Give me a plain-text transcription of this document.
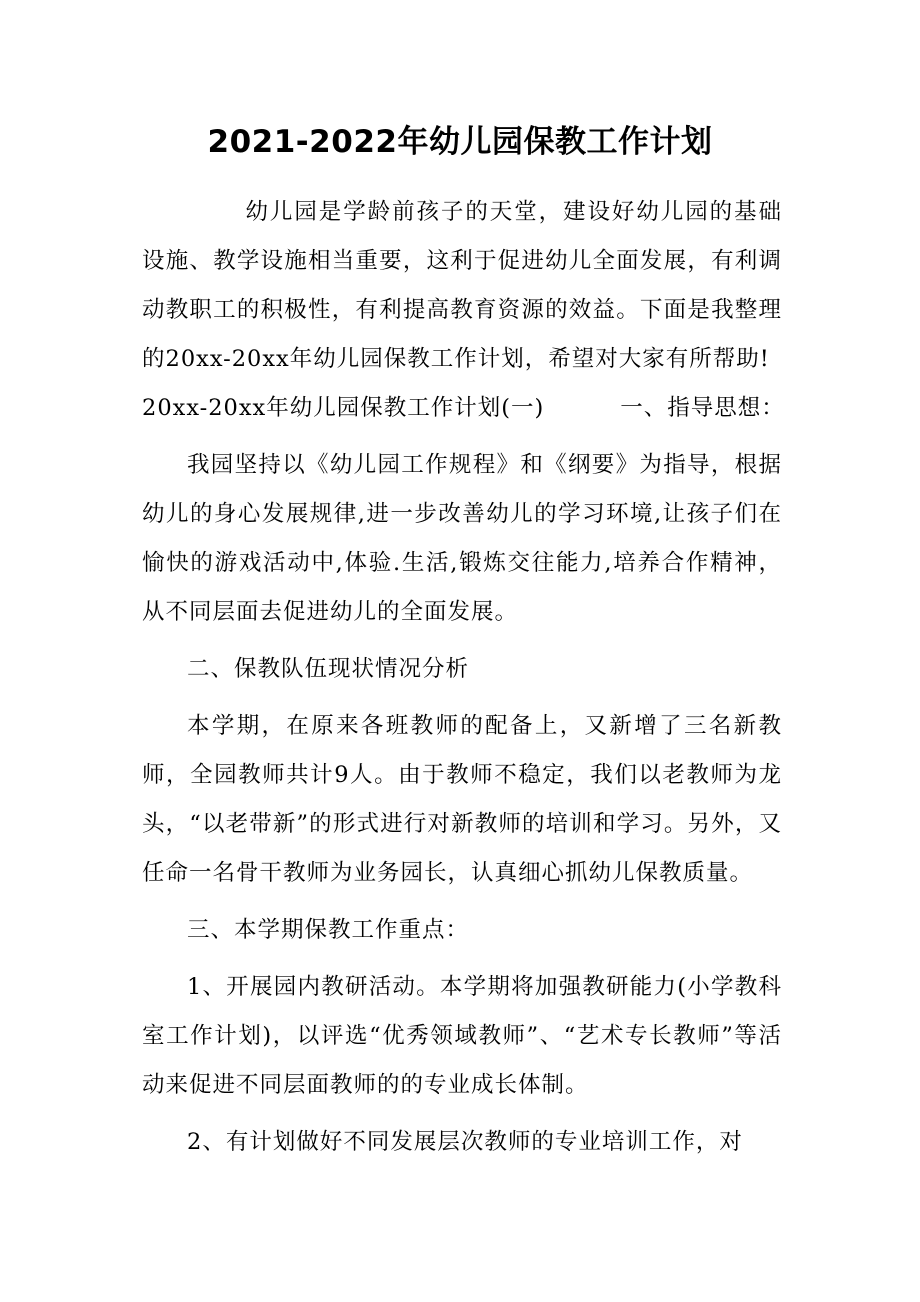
2021-2022年幼儿园保教工作计划

幼儿园是学龄前孩子的天堂，建设好幼儿园的基础设施、教学设施相当重要，这利于促进幼儿全面发展，有利调动教职工的积极性，有利提高教育资源的效益。下面是我整理的20xx-20xx年幼儿园保教工作计划，希望对大家有所帮助!

20xx-20xx年幼儿园保教工作计划(一)	一、指导思想：

我园坚持以《幼儿园工作规程》和《纲要》为指导，根据幼儿的身心发展规律,进一步改善幼儿的学习环境,让孩子们在愉快的游戏活动中,体验.生活,锻炼交往能力,培养合作精神，从不同层面去促进幼儿的全面发展。

二、保教队伍现状情况分析

本学期，在原来各班教师的配备上，又新增了三名新教师，全园教师共计9人。由于教师不稳定，我们以老教师为龙头，“以老带新”的形式进行对新教师的培训和学习。另外，又任命一名骨干教师为业务园长，认真细心抓幼儿保教质量。

三、本学期保教工作重点：

1、开展园内教研活动。本学期将加强教研能力(小学教科室工作计划)，以评选“优秀领域教师”、“艺术专长教师”等活动来促进不同层面教师的的专业成长体制。

2、有计划做好不同发展层次教师的专业培训工作，对
